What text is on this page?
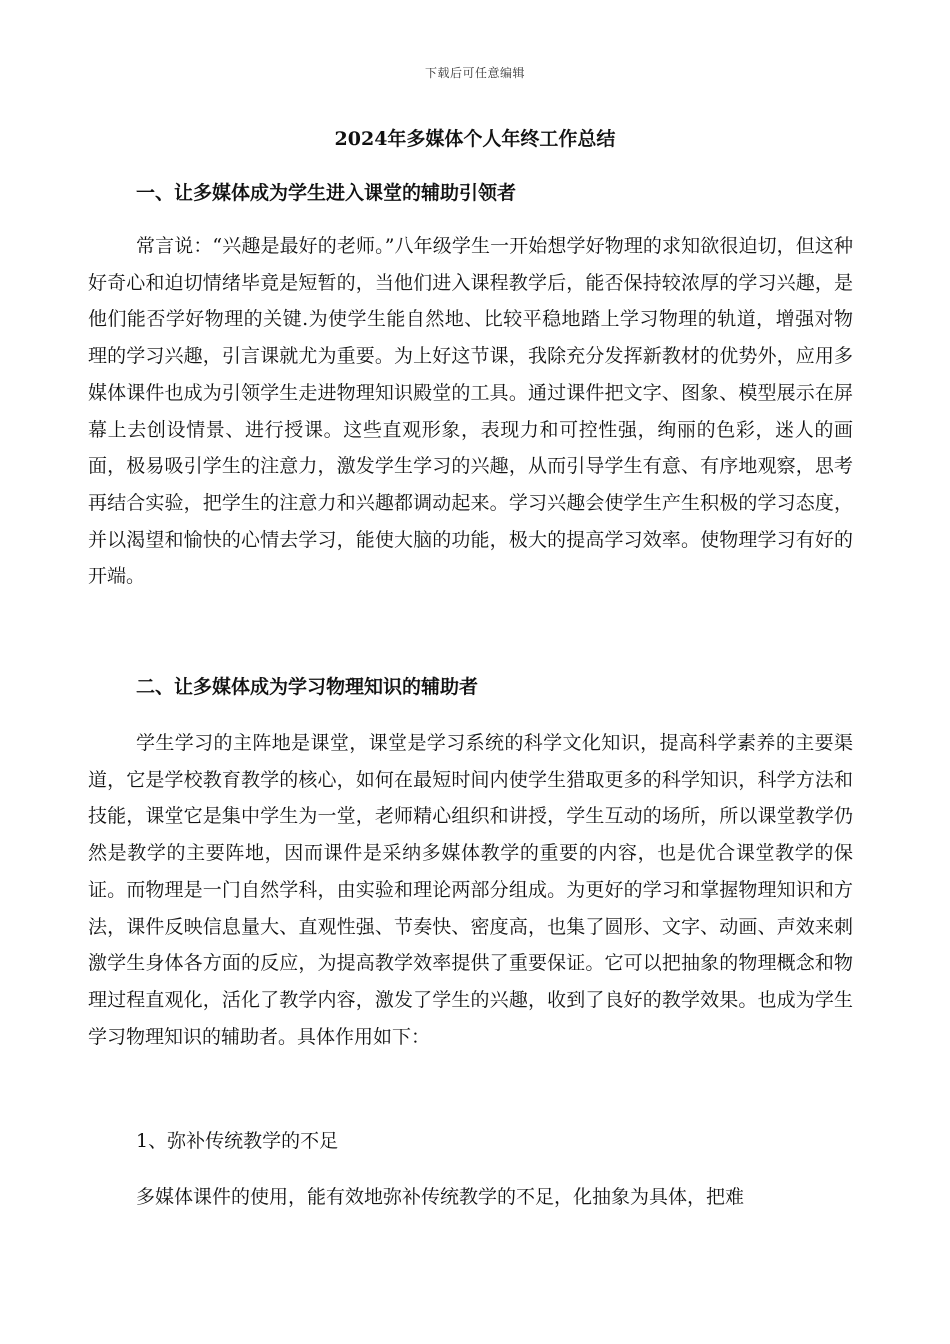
下载后可任意编辑
2024年多媒体个人年终工作总结

一、让多媒体成为学生进入课堂的辅助引领者

常言说：“兴趣是最好的老师。”八年级学生一开始想学好物理的求知欲很迫切，但这种好奇心和迫切情绪毕竟是短暂的，当他们进入课程教学后，能否保持较浓厚的学习兴趣，是他们能否学好物理的关键.为使学生能自然地、比较平稳地踏上学习物理的轨道，增强对物理的学习兴趣，引言课就尤为重要。为上好这节课，我除充分发挥新教材的优势外，应用多媒体课件也成为引领学生走进物理知识殿堂的工具。通过课件把文字、图象、模型展示在屏幕上去创设情景、进行授课。这些直观形象，表现力和可控性强，绚丽的色彩，迷人的画面，极易吸引学生的注意力，激发学生学习的兴趣，从而引导学生有意、有序地观察，思考再结合实验，把学生的注意力和兴趣都调动起来。学习兴趣会使学生产生积极的学习态度，并以渴望和愉快的心情去学习，能使大脑的功能，极大的提高学习效率。使物理学习有好的开端。

二、让多媒体成为学习物理知识的辅助者

学生学习的主阵地是课堂，课堂是学习系统的科学文化知识，提高科学素养的主要渠道，它是学校教育教学的核心，如何在最短时间内使学生猎取更多的科学知识，科学方法和技能，课堂它是集中学生为一堂，老师精心组织和讲授，学生互动的场所，所以课堂教学仍然是教学的主要阵地，因而课件是采纳多媒体教学的重要的内容，也是优合课堂教学的保证。而物理是一门自然学科，由实验和理论两部分组成。为更好的学习和掌握物理知识和方法，课件反映信息量大、直观性强、节奏快、密度高，也集了圆形、文字、动画、声效来刺激学生身体各方面的反应，为提高教学效率提供了重要保证。它可以把抽象的物理概念和物理过程直观化，活化了教学内容，激发了学生的兴趣，收到了良好的教学效果。也成为学生学习物理知识的辅助者。具体作用如下：

1、弥补传统教学的不足

多媒体课件的使用，能有效地弥补传统教学的不足，化抽象为具体，把难
